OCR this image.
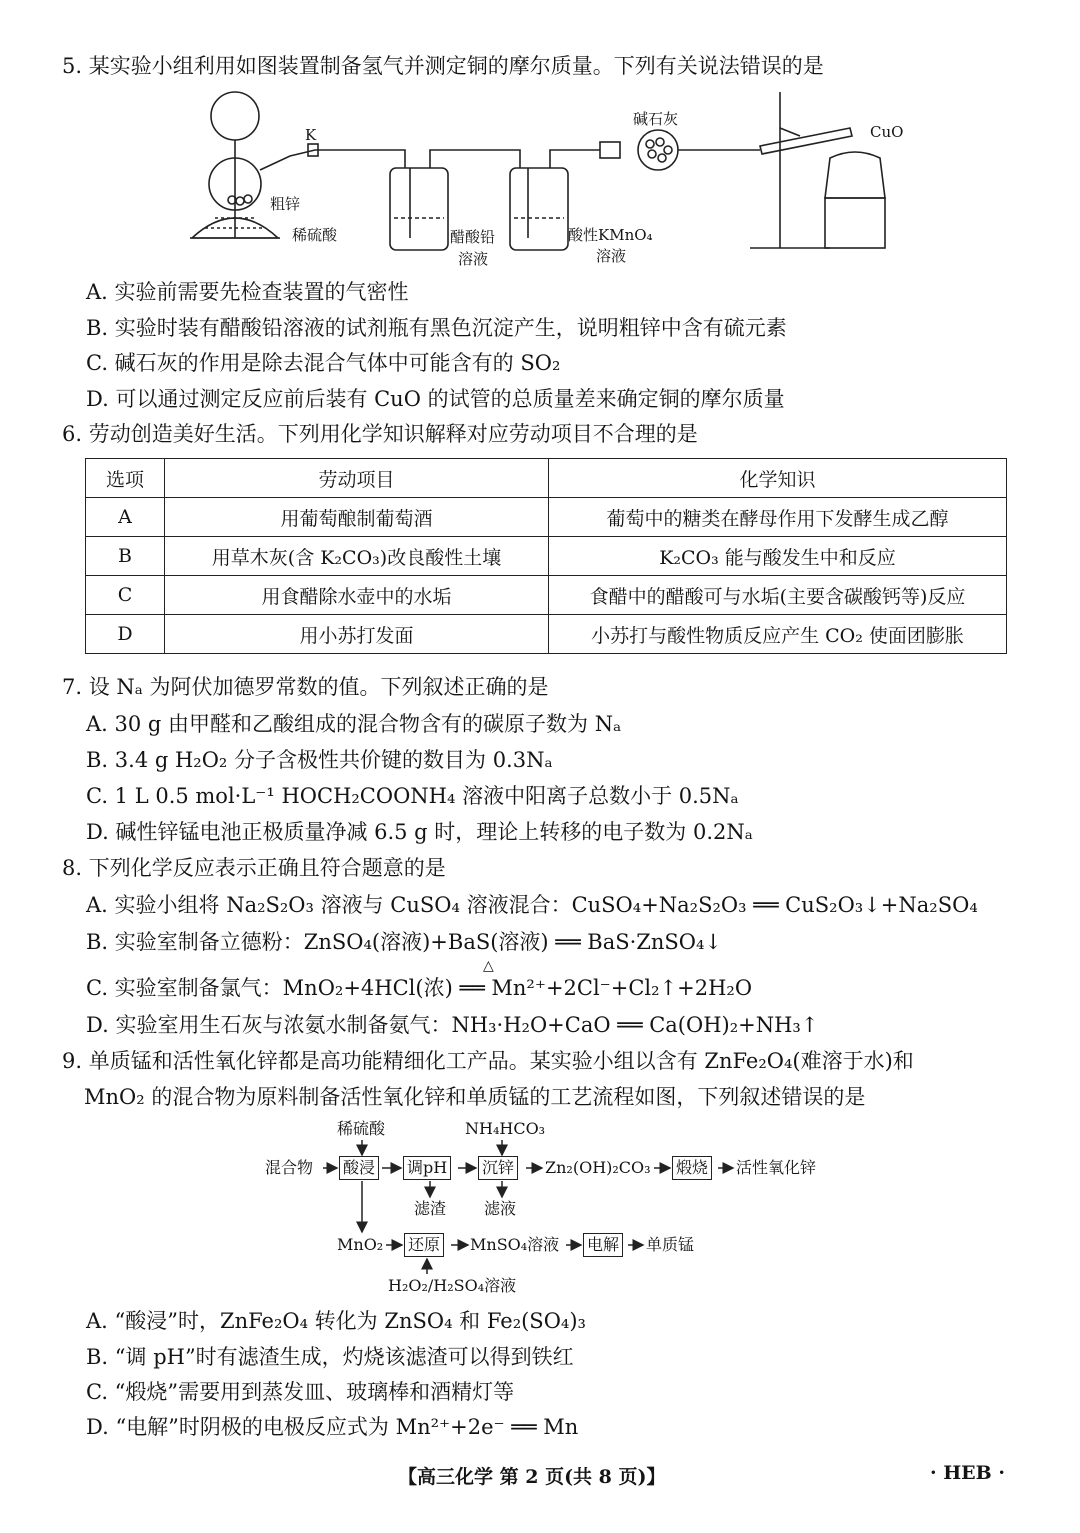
5. 某实验小组利用如图装置制备氢气并测定铜的摩尔质量。下列有关说法错误的是
K
粗锌
稀硫酸	醋酸铅
溶液
酸性KMnO₄
溶液
碱石灰
CuO
A. 实验前需要先检查装置的气密性
B. 实验时装有醋酸铅溶液的试剂瓶有黑色沉淀产生，说明粗锌中含有硫元素
C. 碱石灰的作用是除去混合气体中可能含有的 SO₂
D. 可以通过测定反应前后装有 CuO 的试管的总质量差来确定铜的摩尔质量
6. 劳动创造美好生活。下列用化学知识解释对应劳动项目不合理的是
选项	劳动项目	化学知识
A	用葡萄酿制葡萄酒	葡萄中的糖类在酵母作用下发酵生成乙醇
B	用草木灰(含 K₂CO₃)改良酸性土壤	K₂CO₃ 能与酸发生中和反应
C	用食醋除水壶中的水垢	食醋中的醋酸可与水垢(主要含碳酸钙等)反应
D	用小苏打发面	小苏打与酸性物质反应产生 CO₂ 使面团膨胀
7. 设 Nₐ 为阿伏加德罗常数的值。下列叙述正确的是
A. 30 g 由甲醛和乙酸组成的混合物含有的碳原子数为 Nₐ
B. 3.4 g H₂O₂ 分子含极性共价键的数目为 0.3Nₐ
C. 1 L 0.5 mol·L⁻¹ HOCH₂COONH₄ 溶液中阳离子总数小于 0.5Nₐ
D. 碱性锌锰电池正极质量净减 6.5 g 时，理论上转移的电子数为 0.2Nₐ
8. 下列化学反应表示正确且符合题意的是
A. 实验小组将 Na₂S₂O₃ 溶液与 CuSO₄ 溶液混合：CuSO₄+Na₂S₂O₃ ══ CuS₂O₃↓+Na₂SO₄
B. 实验室制备立德粉：ZnSO₄(溶液)+BaS(溶液) ══ BaS·ZnSO₄↓
△
C. 实验室制备氯气：MnO₂+4HCl(浓) ══ Mn²⁺+2Cl⁻+Cl₂↑+2H₂O
D. 实验室用生石灰与浓氨水制备氨气：NH₃·H₂O+CaO ══ Ca(OH)₂+NH₃↑
9. 单质锰和活性氧化锌都是高功能精细化工产品。某实验小组以含有 ZnFe₂O₄(难溶于水)和
MnO₂ 的混合物为原料制备活性氧化锌和单质锰的工艺流程如图，下列叙述错误的是
稀硫酸	NH₄HCO₃
混合物 酸浸 调pH 沉锌 Zn₂(OH)₂CO₃ 煅烧 活性氧化锌
滤渣 滤液
MnO₂ 还原 MnSO₄溶液 电解 单质锰
H₂O₂/H₂SO₄溶液
A. “酸浸”时，ZnFe₂O₄ 转化为 ZnSO₄ 和 Fe₂(SO₄)₃
B. “调 pH”时有滤渣生成，灼烧该滤渣可以得到铁红
C. “煅烧”需要用到蒸发皿、玻璃棒和酒精灯等
D. “电解”时阴极的电极反应式为 Mn²⁺+2e⁻ ══ Mn
【高三化学 第 2 页(共 8 页)】	· HEB ·
